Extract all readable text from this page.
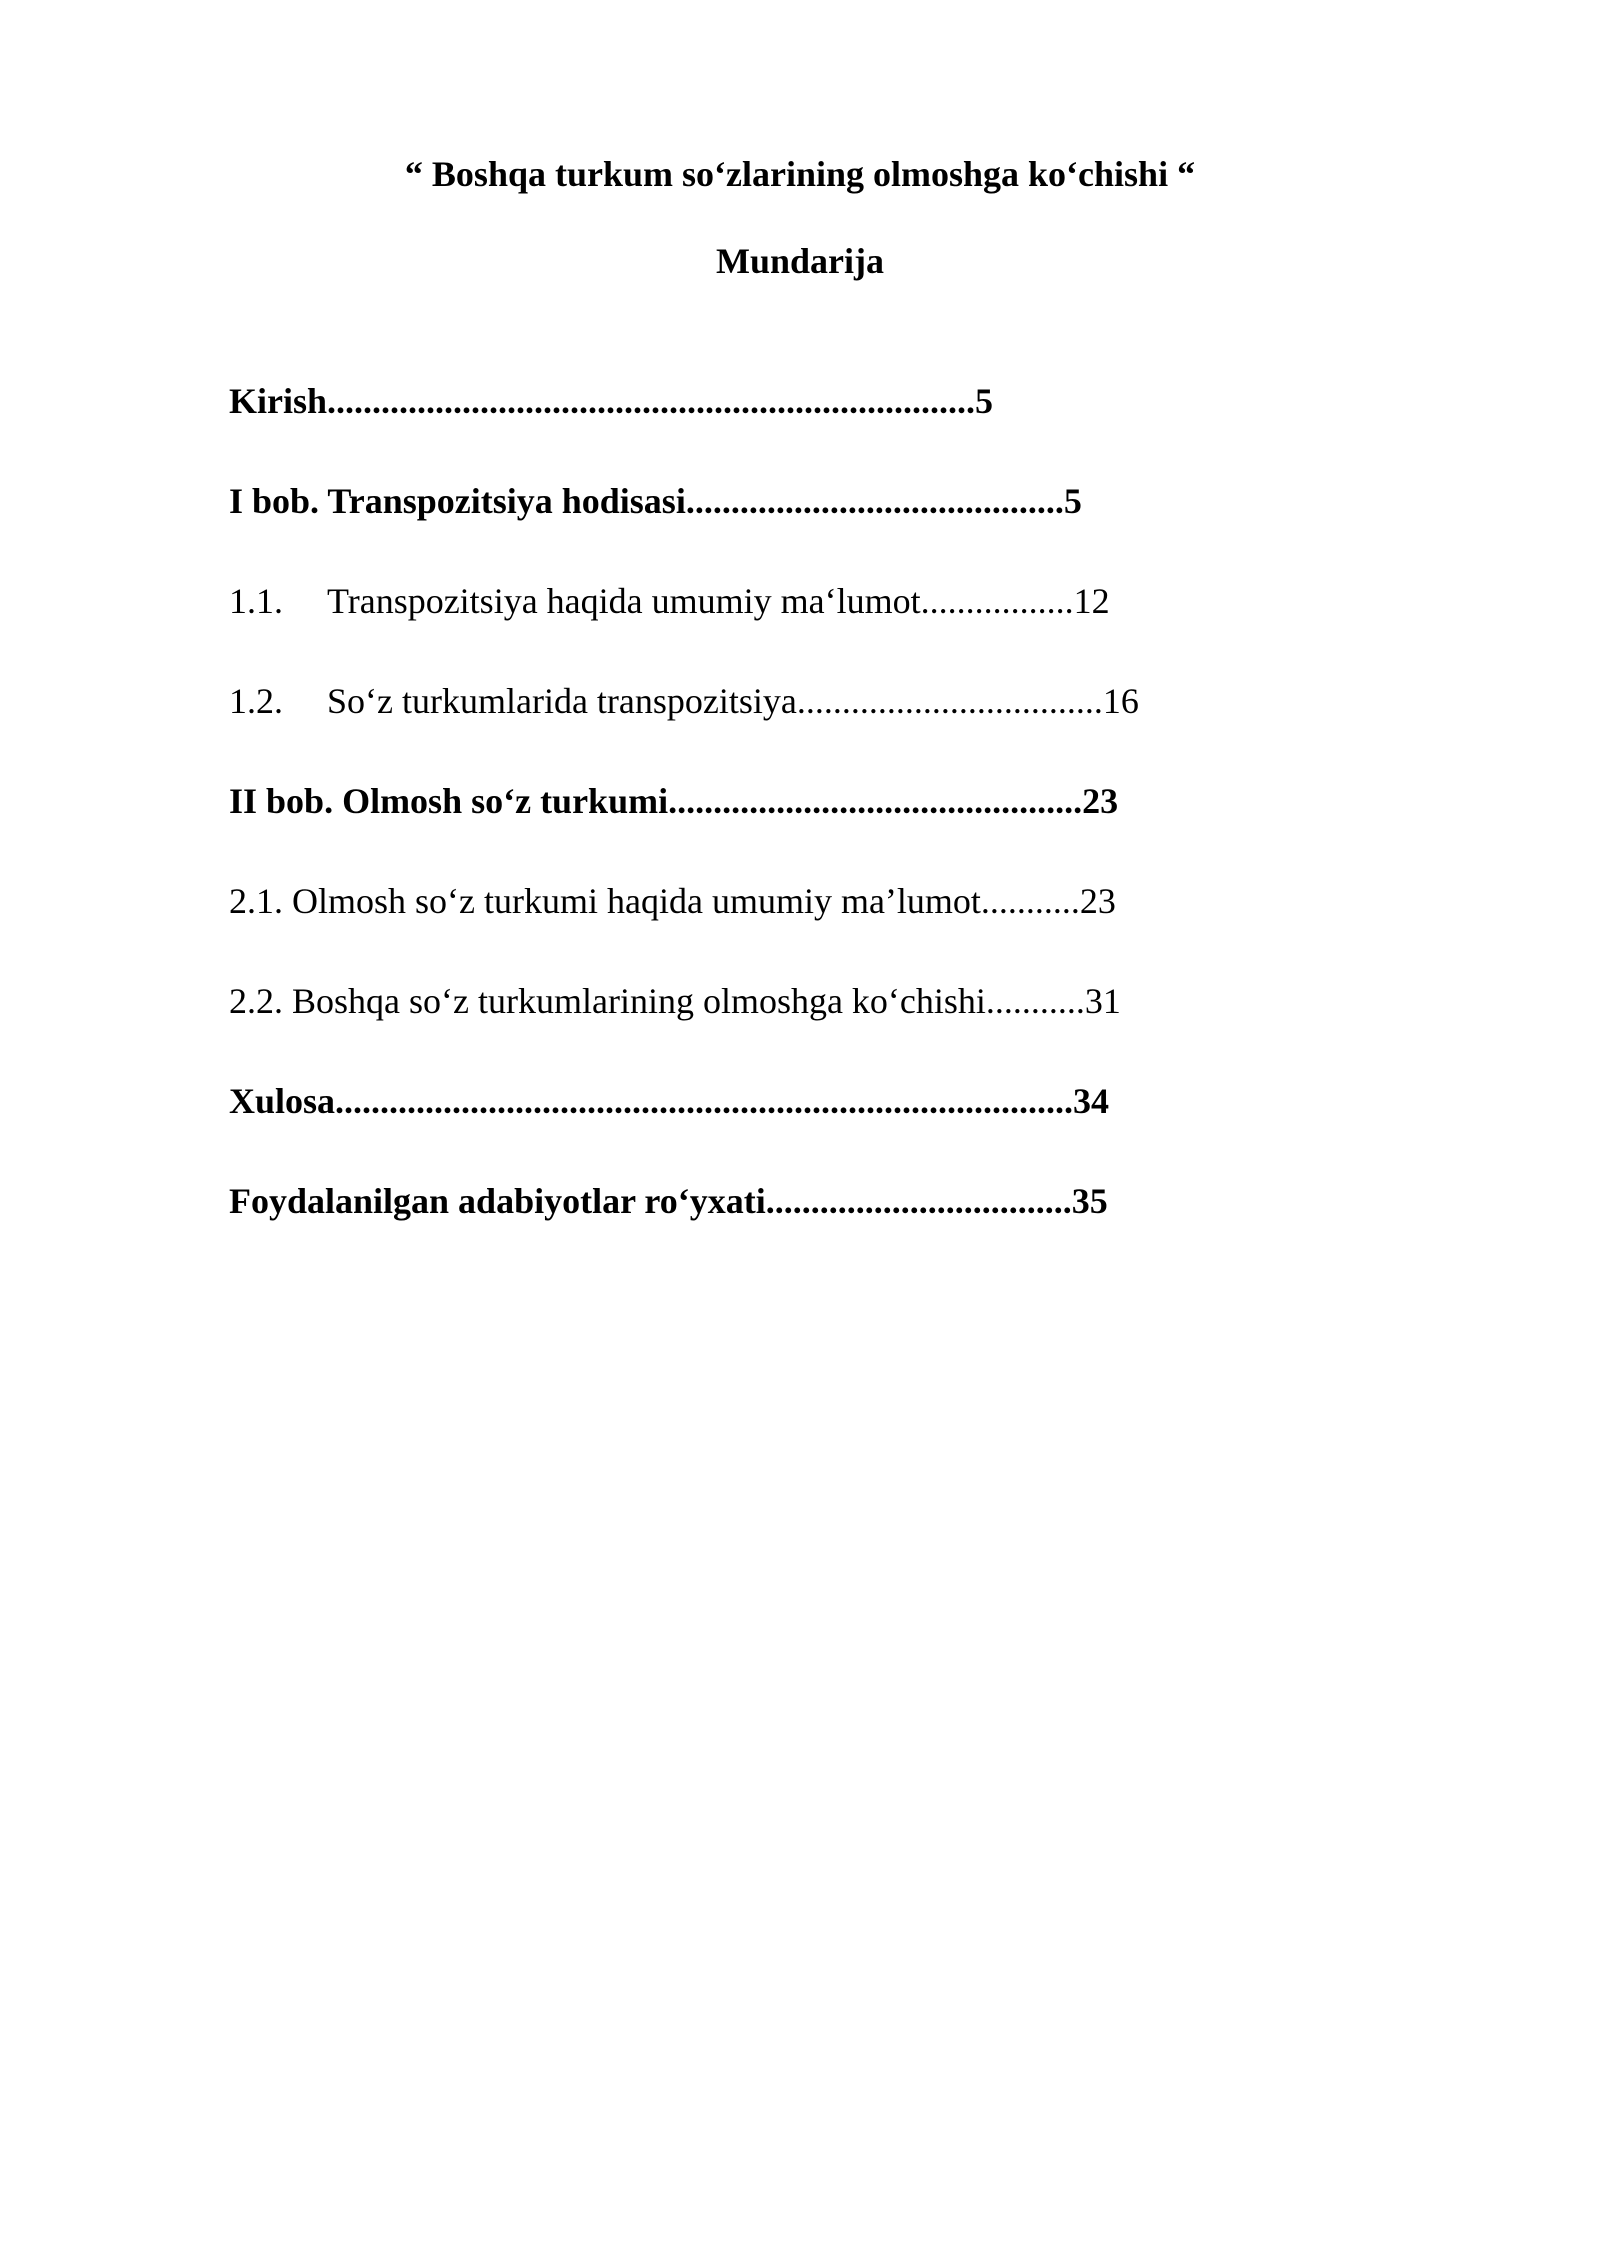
“ Boshqa turkum so‘zlarining olmoshga ko‘chishi “
Mundarija
Kirish........................................................................5
I bob. Transpozitsiya hodisasi..........................................5
1.1. Transpozitsiya haqida umumiy ma‘lumot.................12
1.2. So‘z turkumlarida transpozitsiya..................................16
II bob. Olmosh so‘z turkumi..............................................23
2.1. Olmosh so‘z turkumi haqida umumiy ma’lumot...........23
2.2. Boshqa so‘z turkumlarining olmoshga ko‘chishi...........31
Xulosa..................................................................................34
Foydalanilgan adabiyotlar ro‘yxati..................................35
